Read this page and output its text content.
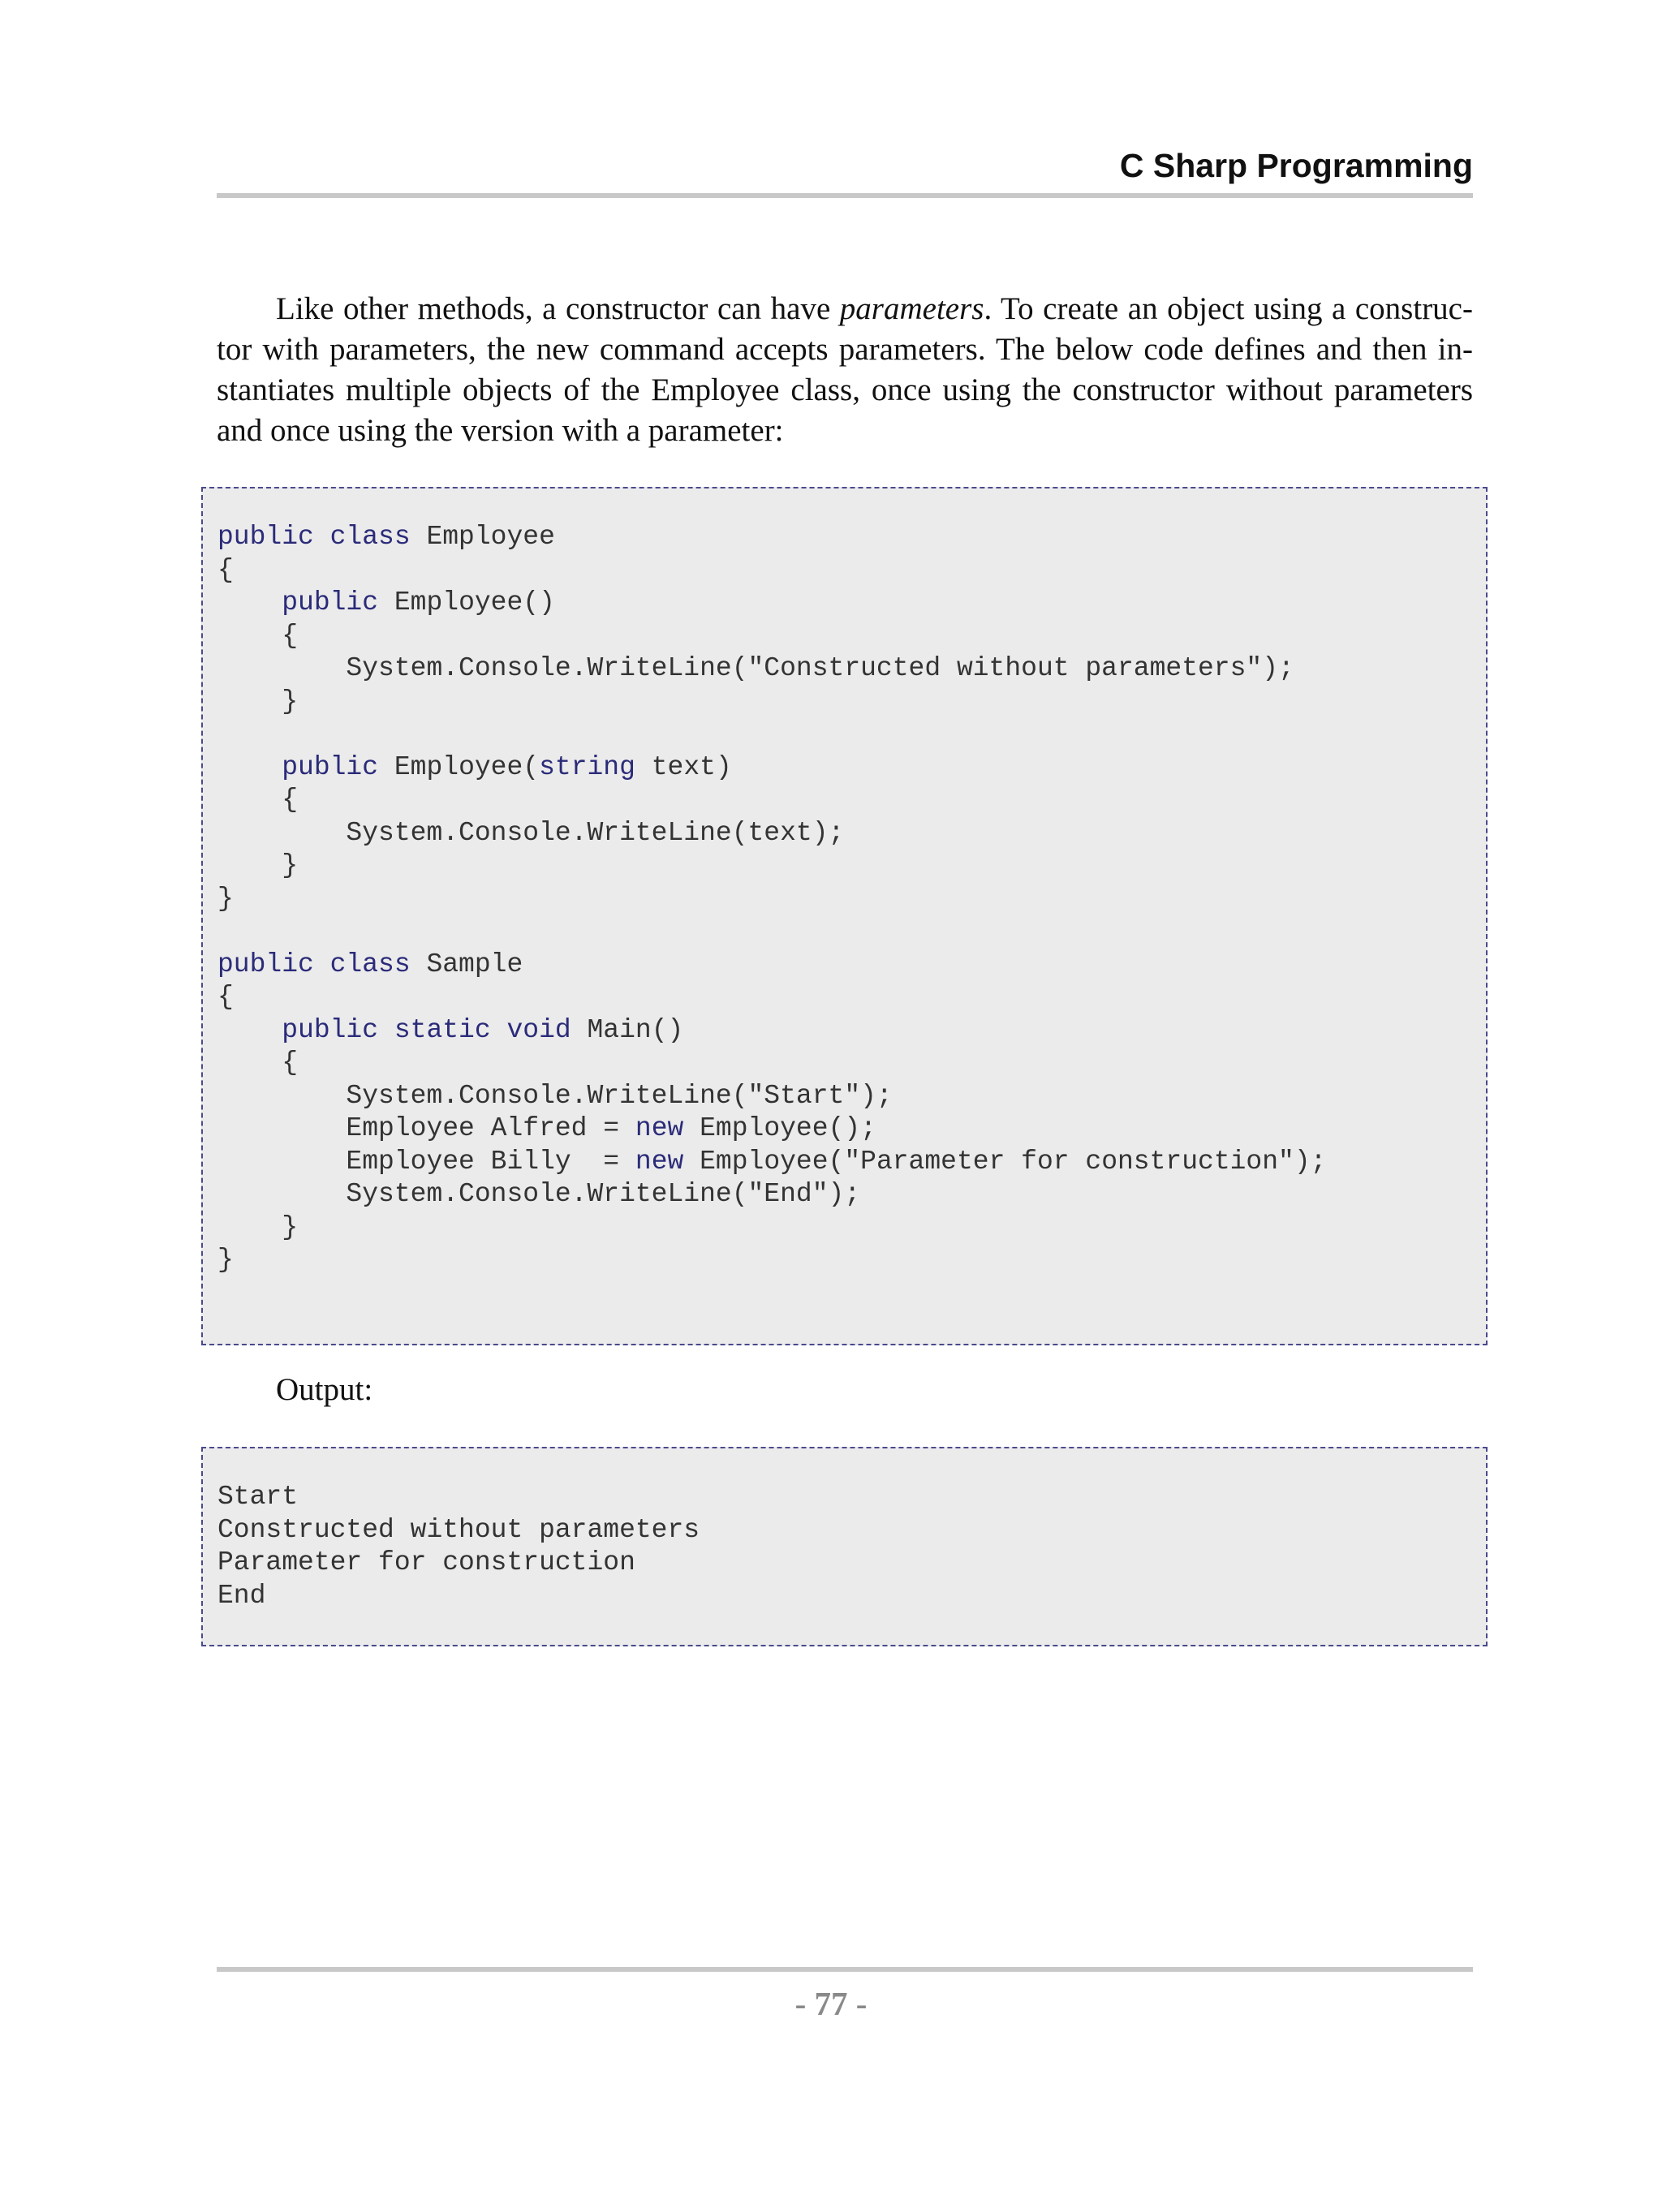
C Sharp Programming

Like other methods, a constructor can have parameters. To create an object using a construc-tor with parameters, the new command accepts parameters. The below code defines and then in-stantiates multiple objects of the Employee class, once using the constructor without parameters and once using the version with a parameter:

public class Employee
{
public Employee()
{
System.Console.WriteLine("Constructed without parameters");
}
public Employee(string text)
{
System.Console.WriteLine(text);
}
}
public class Sample
{
public static void Main()
{
System.Console.WriteLine("Start");
Employee Alfred = new Employee();
Employee Billy  = new Employee("Parameter for construction");
System.Console.WriteLine("End");
}
}
Output:
Start
Constructed without parameters
Parameter for construction
End
- 77 -
